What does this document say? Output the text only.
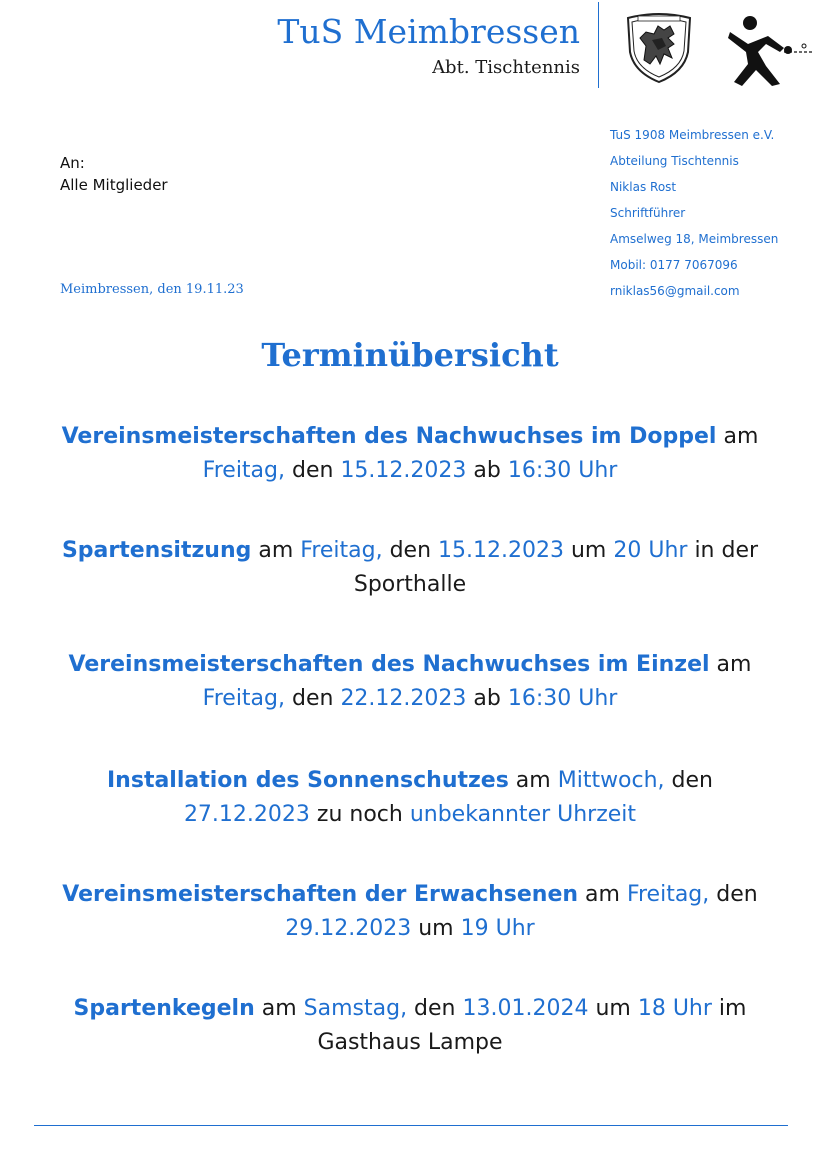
TuS Meimbressen
Abt. Tischtennis
An:
Alle Mitglieder
TuS 1908 Meimbressen e.V.
Abteilung Tischtennis
Niklas Rost
Schriftführer
Amselweg 18, Meimbressen
Mobil: 0177 7067096
rniklas56@gmail.com
Meimbressen, den 19.11.23
Terminübersicht
Vereinsmeisterschaften des Nachwuchses im Doppel am
Freitag, den 15.12.2023 ab 16:30 Uhr
Spartensitzung am Freitag, den 15.12.2023 um 20 Uhr in der Sporthalle
Vereinsmeisterschaften des Nachwuchses im Einzel am
Freitag, den 22.12.2023 ab 16:30 Uhr
Installation des Sonnenschutzes am Mittwoch, den
27.12.2023 zu noch unbekannter Uhrzeit
Vereinsmeisterschaften der Erwachsenen am Freitag, den
29.12.2023 um 19 Uhr
Spartenkegeln am Samstag, den 13.01.2024 um 18 Uhr im Gasthaus Lampe
